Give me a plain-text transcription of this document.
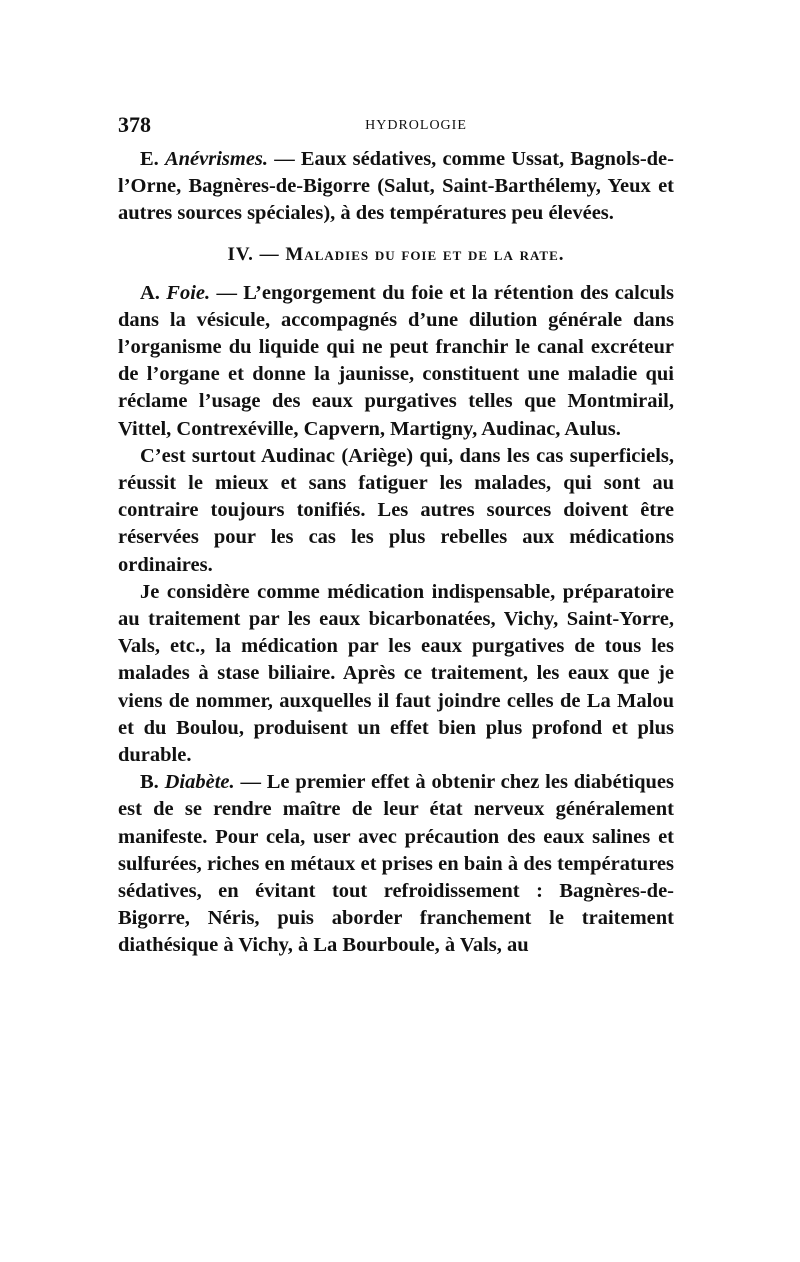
378	HYDROLOGIE

E. Anévrismes. — Eaux sédatives, comme Ussat, Bagnols-de-l’Orne, Bagnères-de-Bigorre (Salut, Saint-Barthélemy, Yeux et autres sources spéciales), à des températures peu élevées.

IV. — Maladies du foie et de la rate.

A. Foie. — L’engorgement du foie et la rétention des calculs dans la vésicule, accompagnés d’une dilution générale dans l’organisme du liquide qui ne peut franchir le canal excréteur de l’organe et donne la jaunisse, constituent une maladie qui réclame l’usage des eaux purgatives telles que Montmirail, Vittel, Contrexéville, Capvern, Martigny, Audinac, Aulus.

C’est surtout Audinac (Ariège) qui, dans les cas superficiels, réussit le mieux et sans fatiguer les malades, qui sont au contraire toujours tonifiés. Les autres sources doivent être réservées pour les cas les plus rebelles aux médications ordinaires.

Je considère comme médication indispensable, préparatoire au traitement par les eaux bicarbonatées, Vichy, Saint-Yorre, Vals, etc., la médication par les eaux purgatives de tous les malades à stase biliaire. Après ce traitement, les eaux que je viens de nommer, auxquelles il faut joindre celles de La Malou et du Boulou, produisent un effet bien plus profond et plus durable.

B. Diabète. — Le premier effet à obtenir chez les diabétiques est de se rendre maître de leur état nerveux généralement manifeste. Pour cela, user avec précaution des eaux salines et sulfurées, riches en métaux et prises en bain à des températures sédatives, en évitant tout refroidissement : Bagnères-de-Bigorre, Néris, puis aborder franchement le traitement diathésique à Vichy, à La Bourboule, à Vals, au
